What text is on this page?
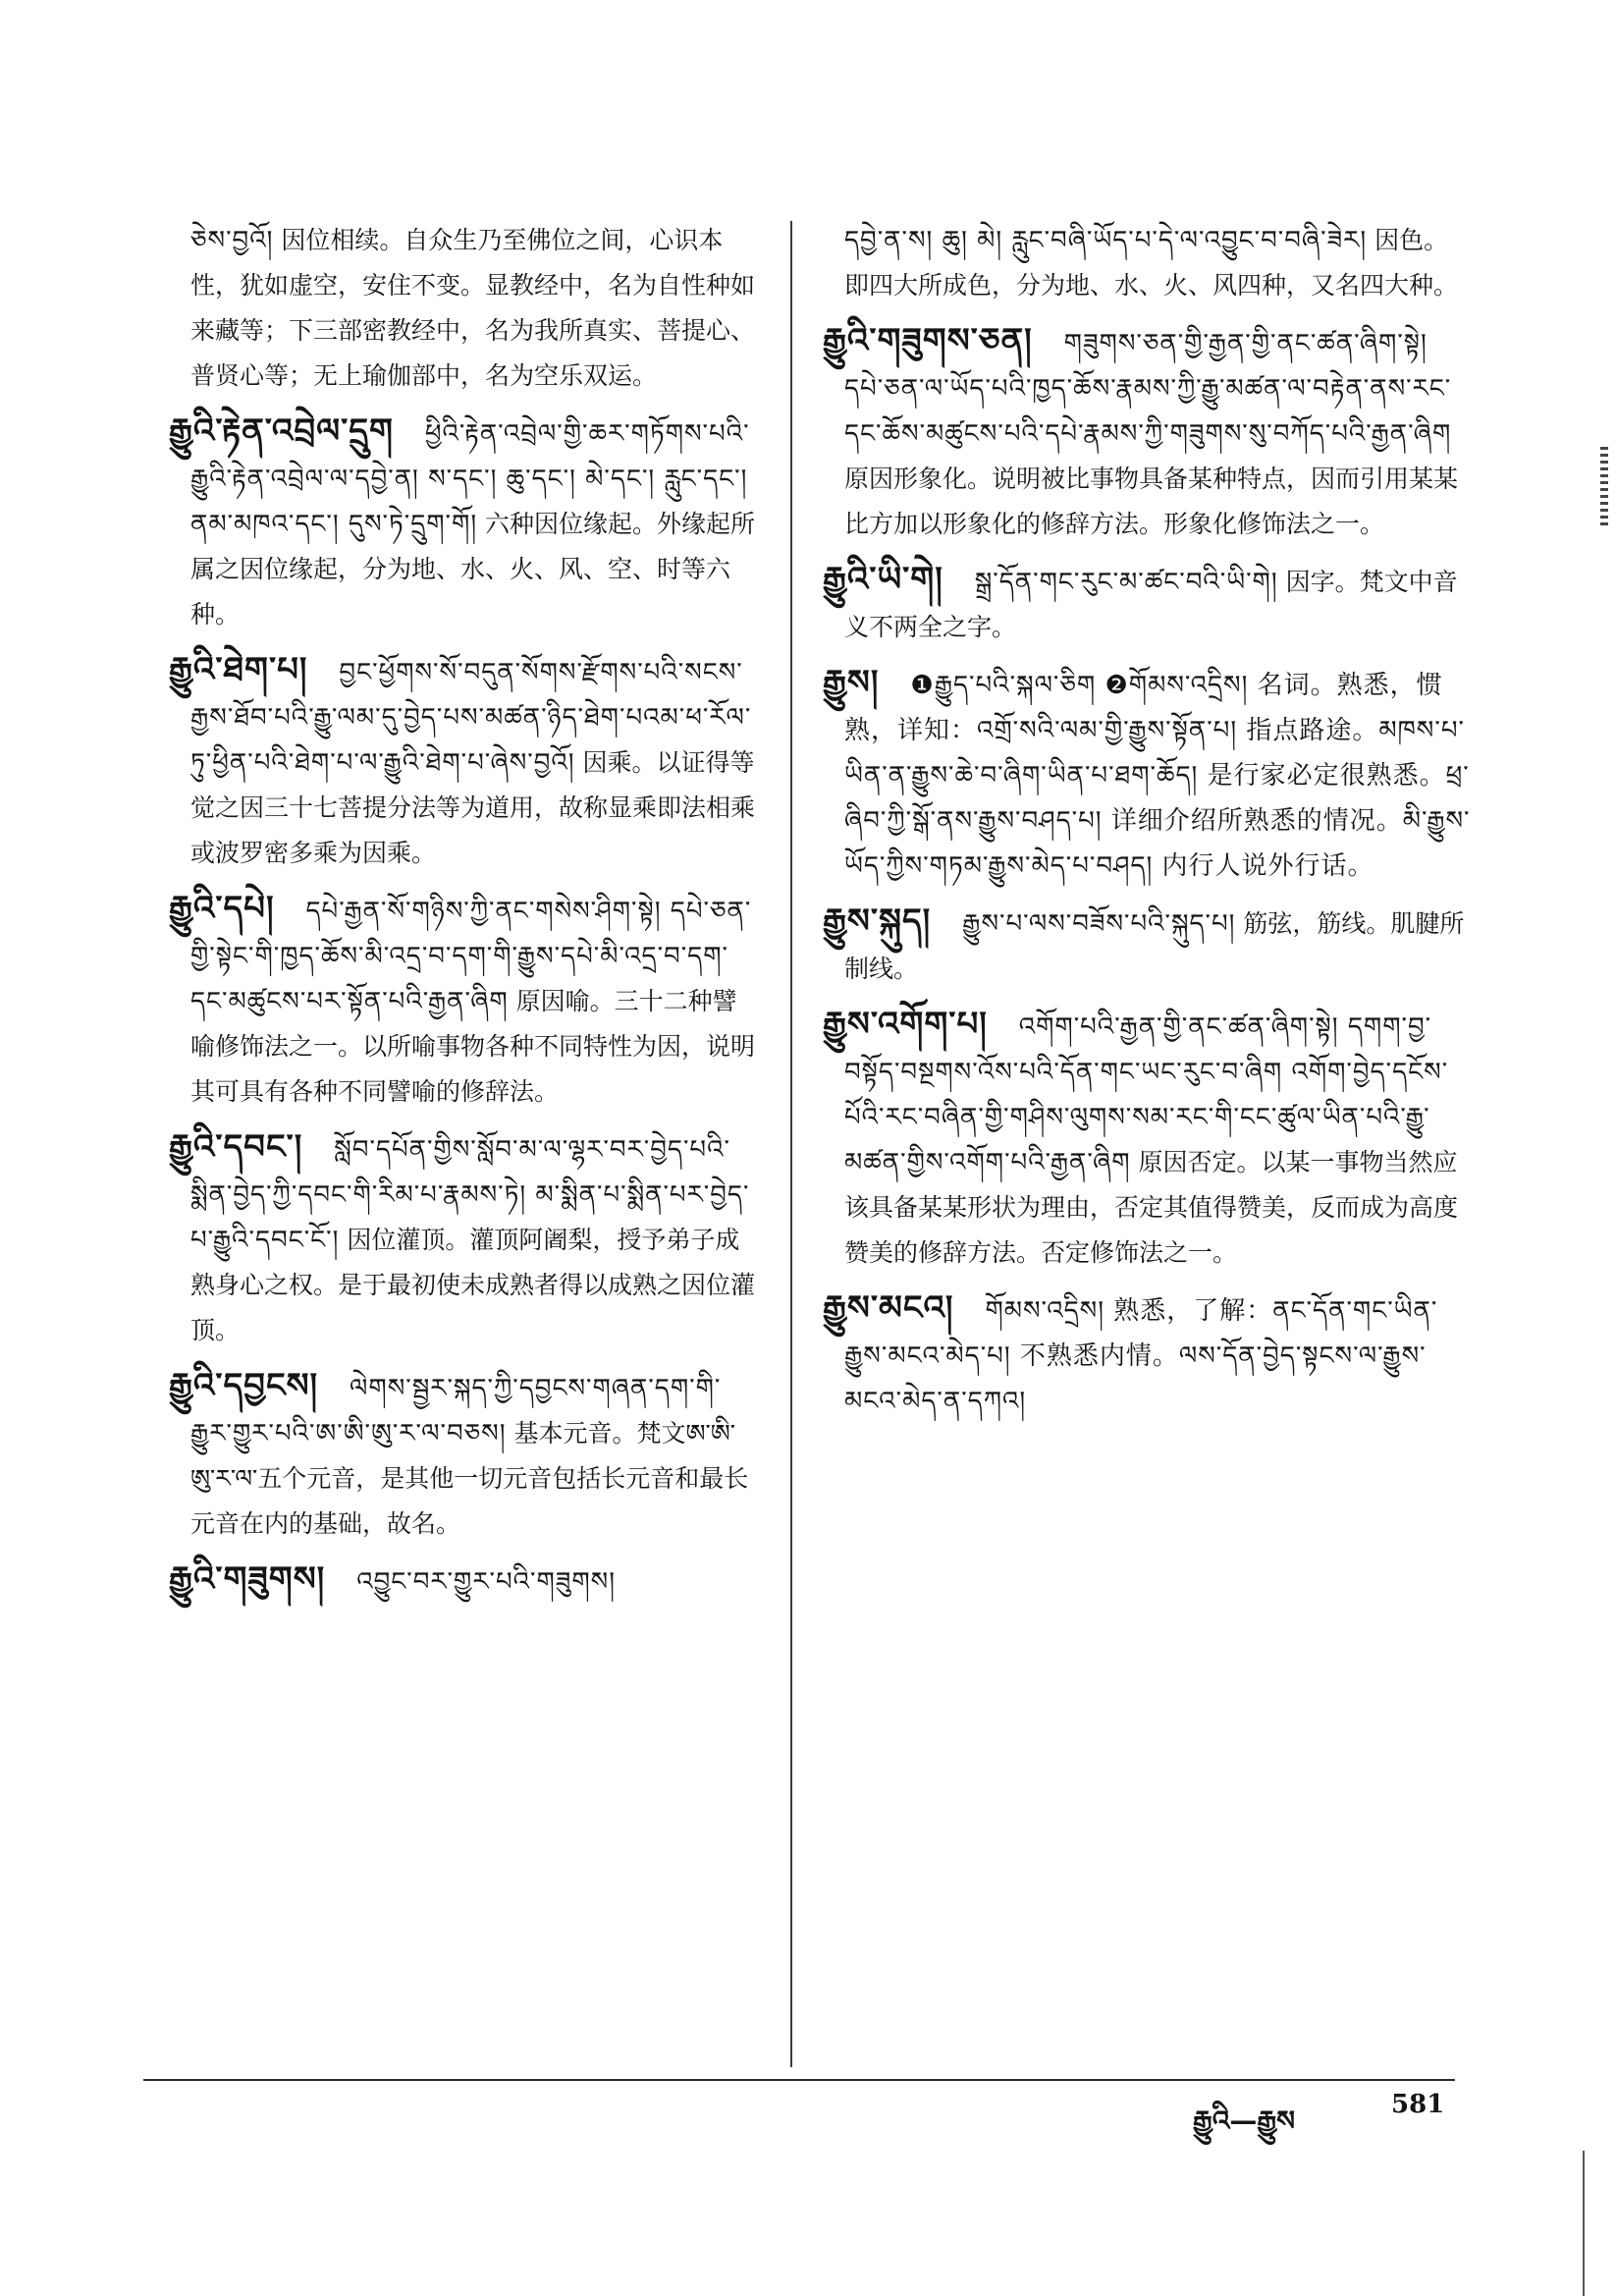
ཅེས་བྱའོ། 因位相续。自众生乃至佛位之间，心识本性，犹如虚空，安住不变。显教经中，名为自性种如来藏等；下三部密教经中，名为我所真实、菩提心、普贤心等；无上瑜伽部中，名为空乐双运。
རྒྱུའི་རྟེན་འབྲེལ་དྲུག ཕྱིའི་རྟེན་འབྲེལ་གྱི་ཆར་གཏོགས་པའི་རྒྱུའི་རྟེན་འབྲེལ་ལ་དབྱེ་ན། ས་དང་། ཆུ་དང་། མེ་དང་། རླུང་དང་། ནམ་མཁའ་དང་། དུས་ཏེ་དྲུག་གོ། 六种因位缘起。外缘起所属之因位缘起，分为地、水、火、风、空、时等六种。
རྒྱུའི་ཐེག་པ། བྱང་ཕྱོགས་སོ་བདུན་སོགས་རྫོགས་པའི་སངས་རྒྱས་ཐོབ་པའི་རྒྱུ་ལམ་དུ་བྱེད་པས་མཚན་ཉིད་ཐེག་པའམ་ཕ་རོལ་ཏུ་ཕྱིན་པའི་ཐེག་པ་ལ་རྒྱུའི་ཐེག་པ་ཞེས་བྱའོ། 因乘。以证得等觉之因三十七菩提分法等为道用，故称显乘即法相乘或波罗密多乘为因乘。
རྒྱུའི་དཔེ། དཔེ་རྒྱན་སོ་གཉིས་ཀྱི་ནང་གསེས་ཤིག་སྟེ། དཔེ་ཅན་གྱི་སྟེང་གི་ཁྱད་ཆོས་མི་འདྲ་བ་དག་གི་རྒྱུས་དཔེ་མི་འདྲ་བ་དག་དང་མཚུངས་པར་སྟོན་པའི་རྒྱན་ཞིག 原因喻。三十二种譬喻修饰法之一。以所喻事物各种不同特性为因，说明其可具有各种不同譬喻的修辞法。
རྒྱུའི་དབང་། སློབ་དཔོན་གྱིས་སློབ་མ་ལ་ལྷར་བར་བྱེད་པའི་སྨིན་བྱེད་ཀྱི་དབང་གི་རིམ་པ་རྣམས་ཏེ། མ་སྨིན་པ་སྨིན་པར་བྱེད་པ་རྒྱུའི་དབང་ངོ་། 因位灌顶。灌顶阿阇梨，授予弟子成熟身心之权。是于最初使未成熟者得以成熟之因位灌顶。
རྒྱུའི་དབྱངས། ལེགས་སྦྱར་སྐད་ཀྱི་དབྱངས་གཞན་དག་གི་རྒྱུར་གྱུར་པའི་ཨ་ཨི་ཨུ་ར་ལ་བཅས། 基本元音。梵文ཨ་ཨི་ཨུ་ར་ལ་五个元音，是其他一切元音包括长元音和最长元音在内的基础，故名。
རྒྱུའི་གཟུགས། འབྱུང་བར་གྱུར་པའི་གཟུགས།
དབྱེ་ན་ས། ཆུ། མེ། རླུང་བཞི་ཡོད་པ་དེ་ལ་འབྱུང་བ་བཞི་ཟེར། 因色。即四大所成色，分为地、水、火、风四种，又名四大种。
རྒྱུའི་གཟུགས་ཅན། གཟུགས་ཅན་གྱི་རྒྱན་གྱི་ནང་ཚན་ཞིག་སྟེ། དཔེ་ཅན་ལ་ཡོད་པའི་ཁྱད་ཆོས་རྣམས་ཀྱི་རྒྱུ་མཚན་ལ་བརྟེན་ནས་རང་དང་ཆོས་མཚུངས་པའི་དཔེ་རྣམས་ཀྱི་གཟུགས་སུ་བཀོད་པའི་རྒྱན་ཞིག 原因形象化。说明被比事物具备某种特点，因而引用某某比方加以形象化的修辞方法。形象化修饰法之一。
རྒྱུའི་ཡི་གེ། སྒྲ་དོན་གང་རུང་མ་ཚང་བའི་ཡི་གེ། 因字。梵文中音义不两全之字。
རྒྱུས། ❶རྒྱུད་པའི་སྐལ་ཅིག ❷གོམས་འདྲིས། 名词。熟悉，惯熟，详知：འགྲོ་སའི་ལམ་གྱི་རྒྱུས་སྟོན་པ། 指点路途。མཁས་པ་ཡིན་ན་རྒྱུས་ཆེ་བ་ཞིག་ཡིན་པ་ཐག་ཆོད། 是行家必定很熟悉。ཕྲ་ཞིབ་ཀྱི་སྒོ་ནས་རྒྱུས་བཤད་པ། 详细介绍所熟悉的情况。མི་རྒྱུས་ཡོད་ཀྱིས་གཏམ་རྒྱུས་མེད་པ་བཤད། 内行人说外行话。
རྒྱུས་སྐུད། རྒྱུས་པ་ལས་བཟོས་པའི་སྐུད་པ། 筋弦，筋线。肌腱所制线。
རྒྱུས་འགོག་པ། འགོག་པའི་རྒྱན་གྱི་ནང་ཚན་ཞིག་སྟེ། དགག་བྱ་བསྟོད་བསྔགས་འོས་པའི་དོན་གང་ཡང་རུང་བ་ཞིག འགོག་བྱེད་དངོས་པོའི་རང་བཞིན་གྱི་གཤིས་ལུགས་སམ་རང་གི་ངང་ཚུལ་ཡིན་པའི་རྒྱུ་མཚན་གྱིས་འགོག་པའི་རྒྱན་ཞིག 原因否定。以某一事物当然应该具备某某形状为理由，否定其值得赞美，反而成为高度赞美的修辞方法。否定修饰法之一。
རྒྱུས་མངའ། གོམས་འདྲིས། 熟悉，了解：ནང་དོན་གང་ཡིན་རྒྱུས་མངའ་མེད་པ། 不熟悉内情。ལས་དོན་བྱེད་སྟངས་ལ་རྒྱུས་མངའ་མེད་ན་དཀའ།
རྒྱུའི—རྒྱུས	581
